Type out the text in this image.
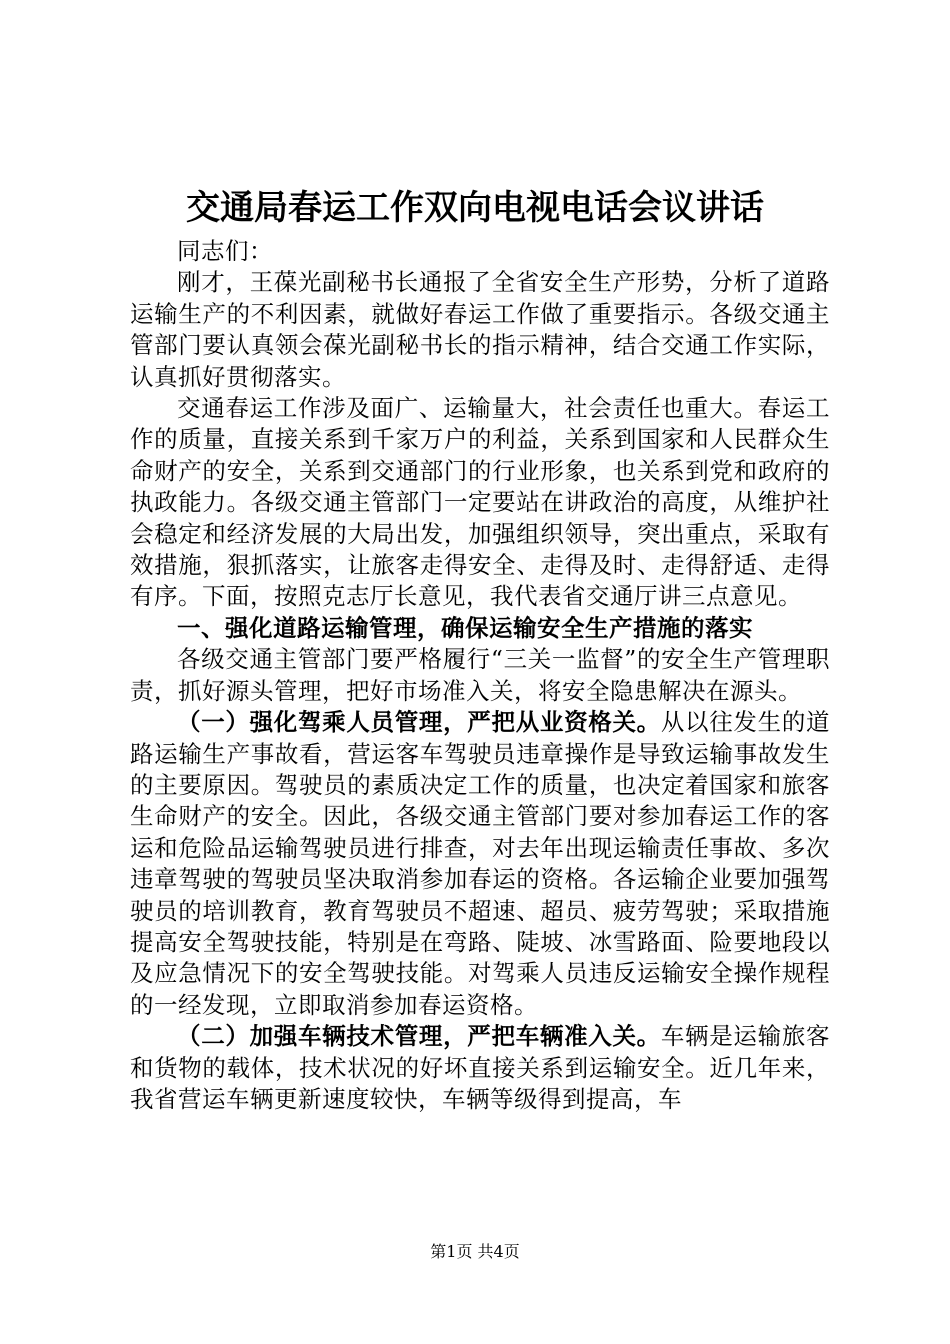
交通局春运工作双向电视电话会议讲话

同志们：

刚才，王葆光副秘书长通报了全省安全生产形势，分析了道路运输生产的不利因素，就做好春运工作做了重要指示。各级交通主管部门要认真领会葆光副秘书长的指示精神，结合交通工作实际，认真抓好贯彻落实。

交通春运工作涉及面广、运输量大，社会责任也重大。春运工作的质量，直接关系到千家万户的利益，关系到国家和人民群众生命财产的安全，关系到交通部门的行业形象，也关系到党和政府的执政能力。各级交通主管部门一定要站在讲政治的高度，从维护社会稳定和经济发展的大局出发，加强组织领导，突出重点，采取有效措施，狠抓落实，让旅客走得安全、走得及时、走得舒适、走得有序。下面，按照克志厅长意见，我代表省交通厅讲三点意见。

一、强化道路运输管理，确保运输安全生产措施的落实

各级交通主管部门要严格履行“三关一监督”的安全生产管理职责，抓好源头管理，把好市场准入关，将安全隐患解决在源头。

（一）强化驾乘人员管理，严把从业资格关。从以往发生的道路运输生产事故看，营运客车驾驶员违章操作是导致运输事故发生的主要原因。驾驶员的素质决定工作的质量，也决定着国家和旅客生命财产的安全。因此，各级交通主管部门要对参加春运工作的客运和危险品运输驾驶员进行排查，对去年出现运输责任事故、多次违章驾驶的驾驶员坚决取消参加春运的资格。各运输企业要加强驾驶员的培训教育，教育驾驶员不超速、超员、疲劳驾驶；采取措施提高安全驾驶技能，特别是在弯路、陡坡、冰雪路面、险要地段以及应急情况下的安全驾驶技能。对驾乘人员违反运输安全操作规程的一经发现，立即取消参加春运资格。

（二）加强车辆技术管理，严把车辆准入关。车辆是运输旅客和货物的载体，技术状况的好坏直接关系到运输安全。近几年来，我省营运车辆更新速度较快，车辆等级得到提高，车

第1页 共4页
